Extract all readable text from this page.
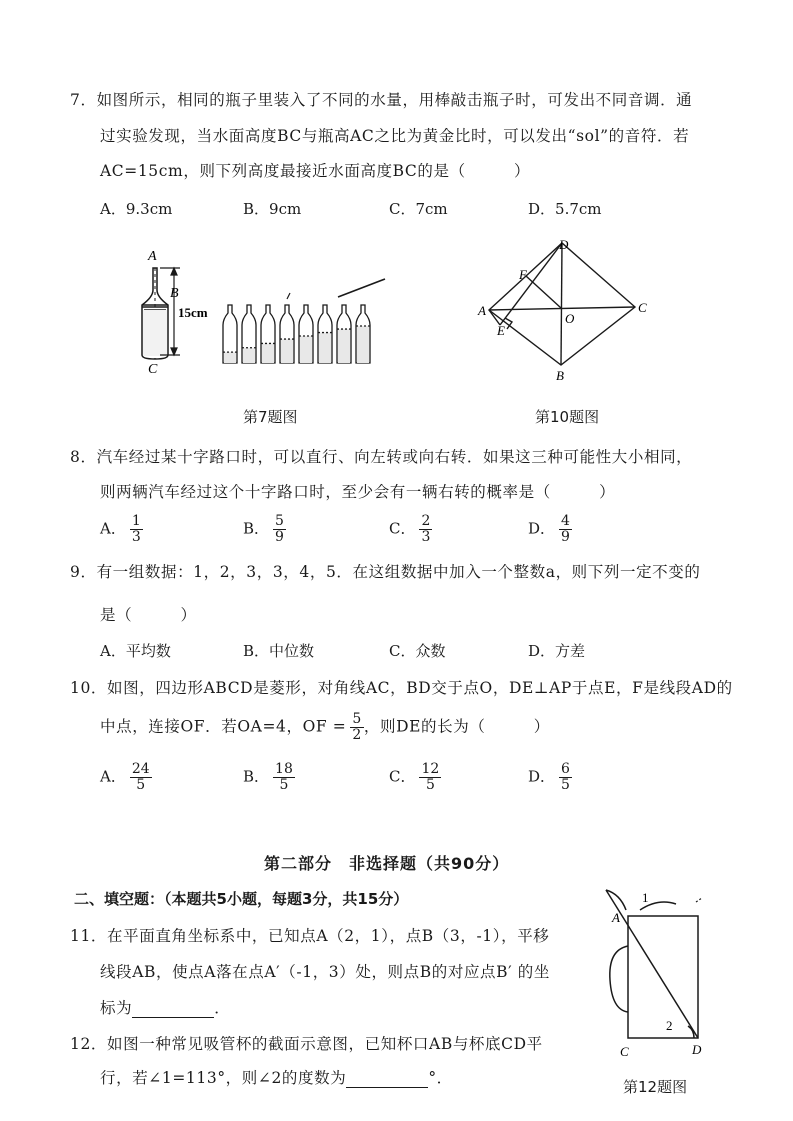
7．如图所示，相同的瓶子里装入了不同的水量，用棒敲击瓶子时，可发出不同音调．通
过实验发现，当水面高度BC与瓶高AC之比为黄金比时，可以发出“sol”的音符．若
AC=15cm，则下列高度最接近水面高度BC的是（　　　）
A．9.3cm	B．9cm	C．7cm	D．5.7cm
A
B
C
15cm
第7题图
D
F
A
E
O
C
B
第10题图
8．汽车经过某十字路口时，可以直行、向左转或向右转．如果这三种可能性大小相同，
则两辆汽车经过这个十字路口时，至少会有一辆右转的概率是（　　　）
A． $\frac{1}{3}$	B． $\frac{5}{9}$	C． $\frac{2}{3}$	D． $\frac{4}{9}$
9．有一组数据：1，2，3，3，4，5．在这组数据中加入一个整数a，则下列一定不变的
是（　　　）
A．平均数	B．中位数	C．众数	D．方差
10．如图，四边形ABCD是菱形，对角线AC，BD交于点O，DE⊥AP于点E，F是线段AD的
中点，连接OF．若OA=4，OF = $\frac{5}{2}$ ，则DE的长为（　　　）
A． $\frac{24}{5}$	B． $\frac{18}{5}$	C． $\frac{12}{5}$	D． $\frac{6}{5}$
第二部分　非选择题（共90分）
二、填空题：（本题共5小题，每题3分，共15分）
11．在平面直角坐标系中，已知点A（2，1），点B（3，-1），平移
线段AB，使点A落在点A′（-1，3）处，则点B的对应点B′ 的坐
标为	．
12．如图一种常见吸管杯的截面示意图，已知杯口AB与杯底CD平
行，若∠1=113°，则∠2的度数为	°．
1
A
2
C	D
第12题图
